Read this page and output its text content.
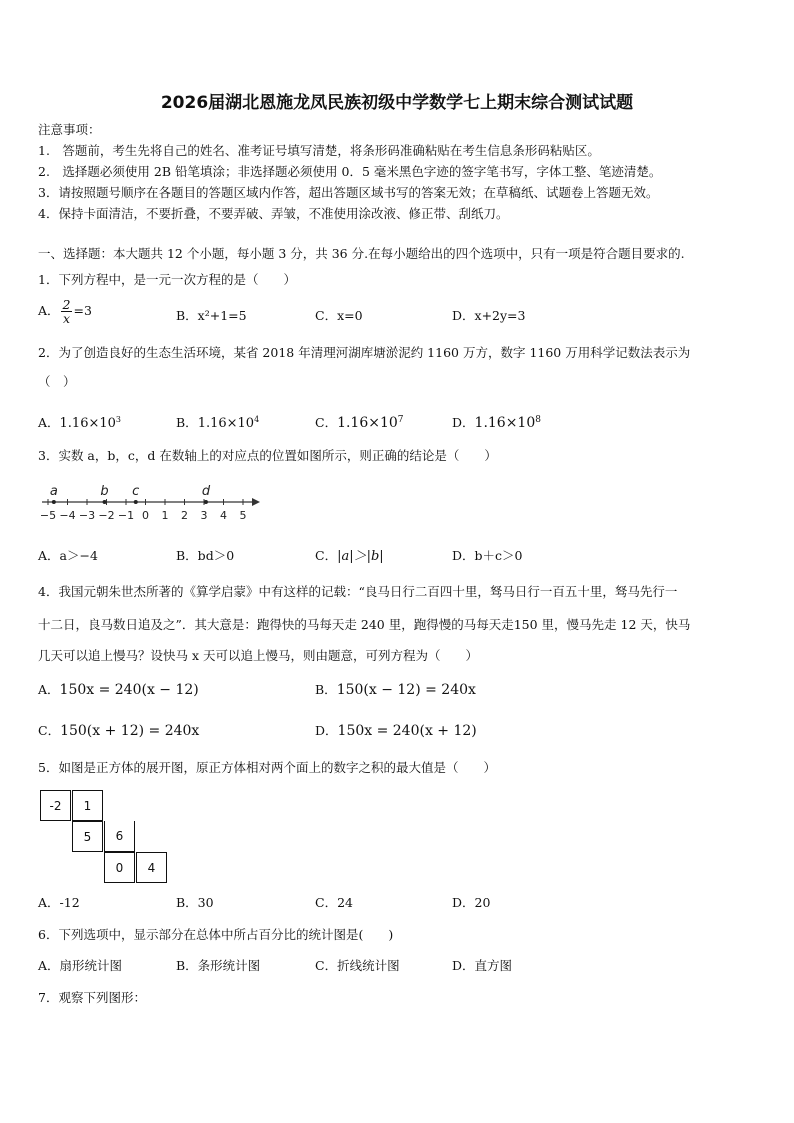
2026届湖北恩施龙凤民族初级中学数学七上期末综合测试试题
注意事项：
1.　答题前，考生先将自己的姓名、准考证号填写清楚，将条形码准确粘贴在考生信息条形码粘贴区。
2.　选择题必须使用 2B 铅笔填涂；非选择题必须使用 0．5 毫米黑色字迹的签字笔书写，字体工整、笔迹清楚。
3．请按照题号顺序在各题目的答题区域内作答，超出答题区域书写的答案无效；在草稿纸、试题卷上答题无效。
4．保持卡面清洁，不要折叠，不要弄破、弄皱，不准使用涂改液、修正带、刮纸刀。
一、选择题：本大题共 12 个小题，每小题 3 分，共 36 分.在每小题给出的四个选项中，只有一项是符合题目要求的.
1．下列方程中，是一元一次方程的是（　　）
A． $\frac{2}{x} =3$	B．x²+1=5	C．x=0	D．x+2y=3
2．为了创造良好的生态生活环境，某省 2018 年清理河湖库塘淤泥约 1160 万方，数字 1160 万用科学记数法表示为
（　）
A．$1.16\times 10^3$	B．$1.16\times 10^4$	C．$1.16\times 10^7$	D．$1.16\times 10^8$
3．实数 a，b，c，d 在数轴上的对应点的位置如图所示，则正确的结论是（　　）
−5 −4 −3 −2 −1 0 1 2 3 4 5
a	b c	d
A．a＞−4	B．bd＞0	C．|a|＞|b|	D．b＋c＞0
4．我国元朝朱世杰所著的《算学启蒙》中有这样的记载：“良马日行二百四十里，驽马日行一百五十里，驽马先行一
十二日，良马数日追及之”．其大意是：跑得快的马每天走 240 里，跑得慢的马每天走150 里，慢马先走 12 天，快马
几天可以追上慢马？设快马 x 天可以追上慢马，则由题意，可列方程为（　　）
A．150x = 240(x − 12)	B．150(x − 12) = 240x
C．150(x + 12) = 240x	D．150x = 240(x + 12)
5．如图是正方体的展开图，原正方体相对两个面上的数字之积的最大值是（　　）
-2	1
5	6
0	4
A．-12	B．30	C．24	D．20
6．下列选项中，显示部分在总体中所占百分比的统计图是(　　)
A．扇形统计图	B．条形统计图	C．折线统计图	D．直方图
7．观察下列图形：
